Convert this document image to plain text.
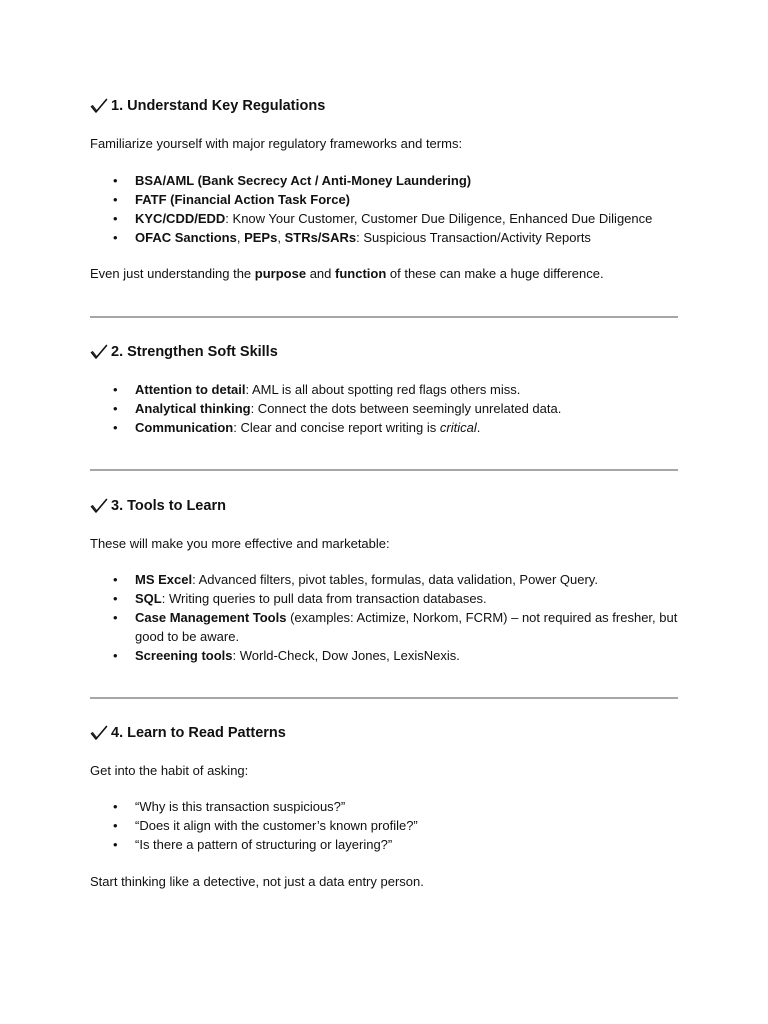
1. Understand Key Regulations

Familiarize yourself with major regulatory frameworks and terms:

• BSA/AML (Bank Secrecy Act / Anti-Money Laundering)
• FATF (Financial Action Task Force)
• KYC/CDD/EDD: Know Your Customer, Customer Due Diligence, Enhanced Due Diligence
• OFAC Sanctions, PEPs, STRs/SARs: Suspicious Transaction/Activity Reports

Even just understanding the purpose and function of these can make a huge difference.

2. Strengthen Soft Skills
• Attention to detail: AML is all about spotting red flags others miss.
• Analytical thinking: Connect the dots between seemingly unrelated data.
• Communication: Clear and concise report writing is critical.
3. Tools to Learn

These will make you more effective and marketable:

• MS Excel: Advanced filters, pivot tables, formulas, data validation, Power Query.
• SQL: Writing queries to pull data from transaction databases.
• Case Management Tools (examples: Actimize, Norkom, FCRM) – not required as fresher, but good to be aware.
• Screening tools: World-Check, Dow Jones, LexisNexis.
4. Learn to Read Patterns

Get into the habit of asking:

• “Why is this transaction suspicious?”
• “Does it align with the customer’s known profile?”
• “Is there a pattern of structuring or layering?”

Start thinking like a detective, not just a data entry person.
